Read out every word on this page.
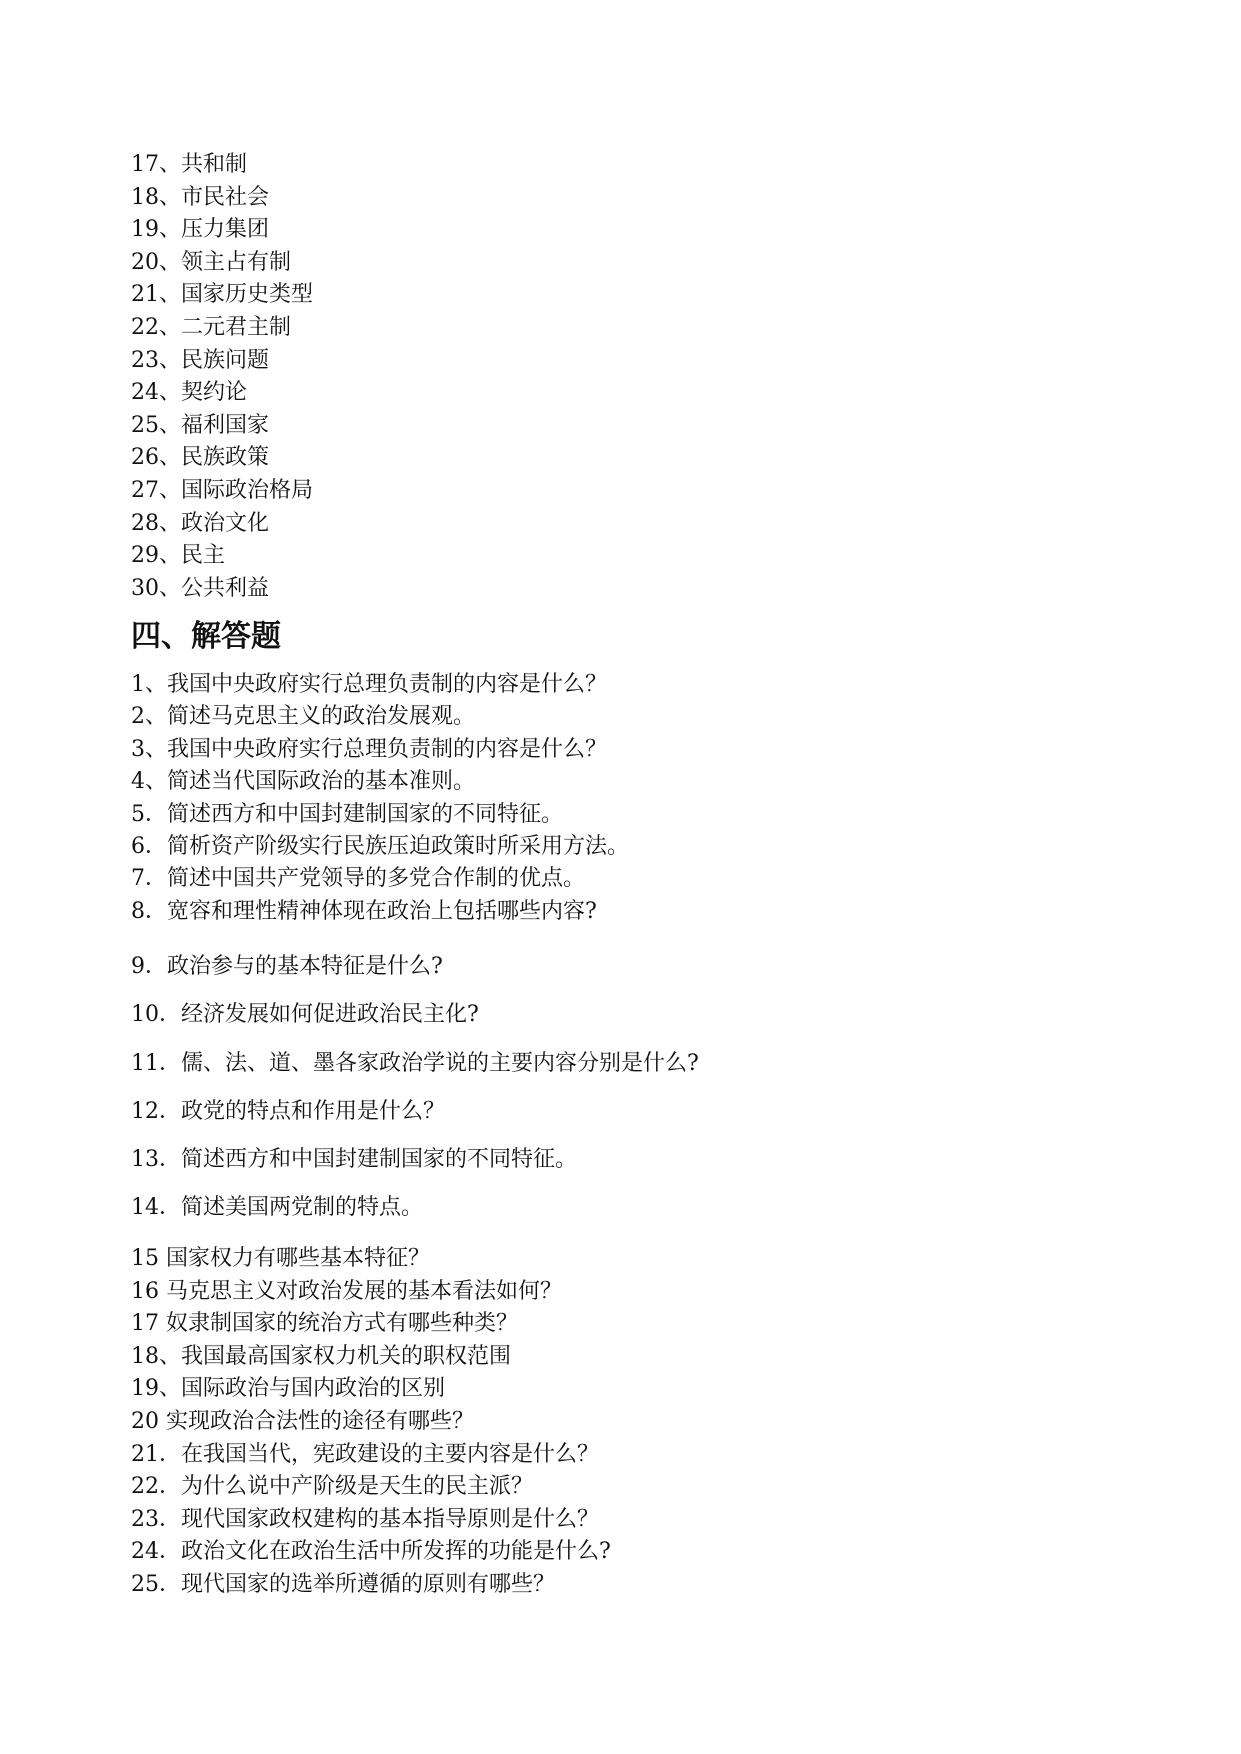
17、共和制
18、市民社会
19、压力集团
20、领主占有制
21、国家历史类型
22、二元君主制
23、民族问题
24、契约论
25、福利国家
26、民族政策
27、国际政治格局
28、政治文化
29、民主
30、公共利益
四、解答题
1、我国中央政府实行总理负责制的内容是什么？
2、简述马克思主义的政治发展观。
3、我国中央政府实行总理负责制的内容是什么？
4、简述当代国际政治的基本准则。
5．简述西方和中国封建制国家的不同特征。
6．简析资产阶级实行民族压迫政策时所采用方法。
7．简述中国共产党领导的多党合作制的优点。
8．宽容和理性精神体现在政治上包括哪些内容?
9．政治参与的基本特征是什么?
10．经济发展如何促进政治民主化?
11．儒、法、道、墨各家政治学说的主要内容分别是什么?
12．政党的特点和作用是什么？
13．简述西方和中国封建制国家的不同特征。
14．简述美国两党制的特点。
15 国家权力有哪些基本特征？
16 马克思主义对政治发展的基本看法如何？
17 奴隶制国家的统治方式有哪些种类？
18、我国最高国家权力机关的职权范围
19、国际政治与国内政治的区别
20 实现政治合法性的途径有哪些？
21．在我国当代，宪政建设的主要内容是什么？
22．为什么说中产阶级是天生的民主派？
23．现代国家政权建构的基本指导原则是什么？
24．政治文化在政治生活中所发挥的功能是什么?
25．现代国家的选举所遵循的原则有哪些？
